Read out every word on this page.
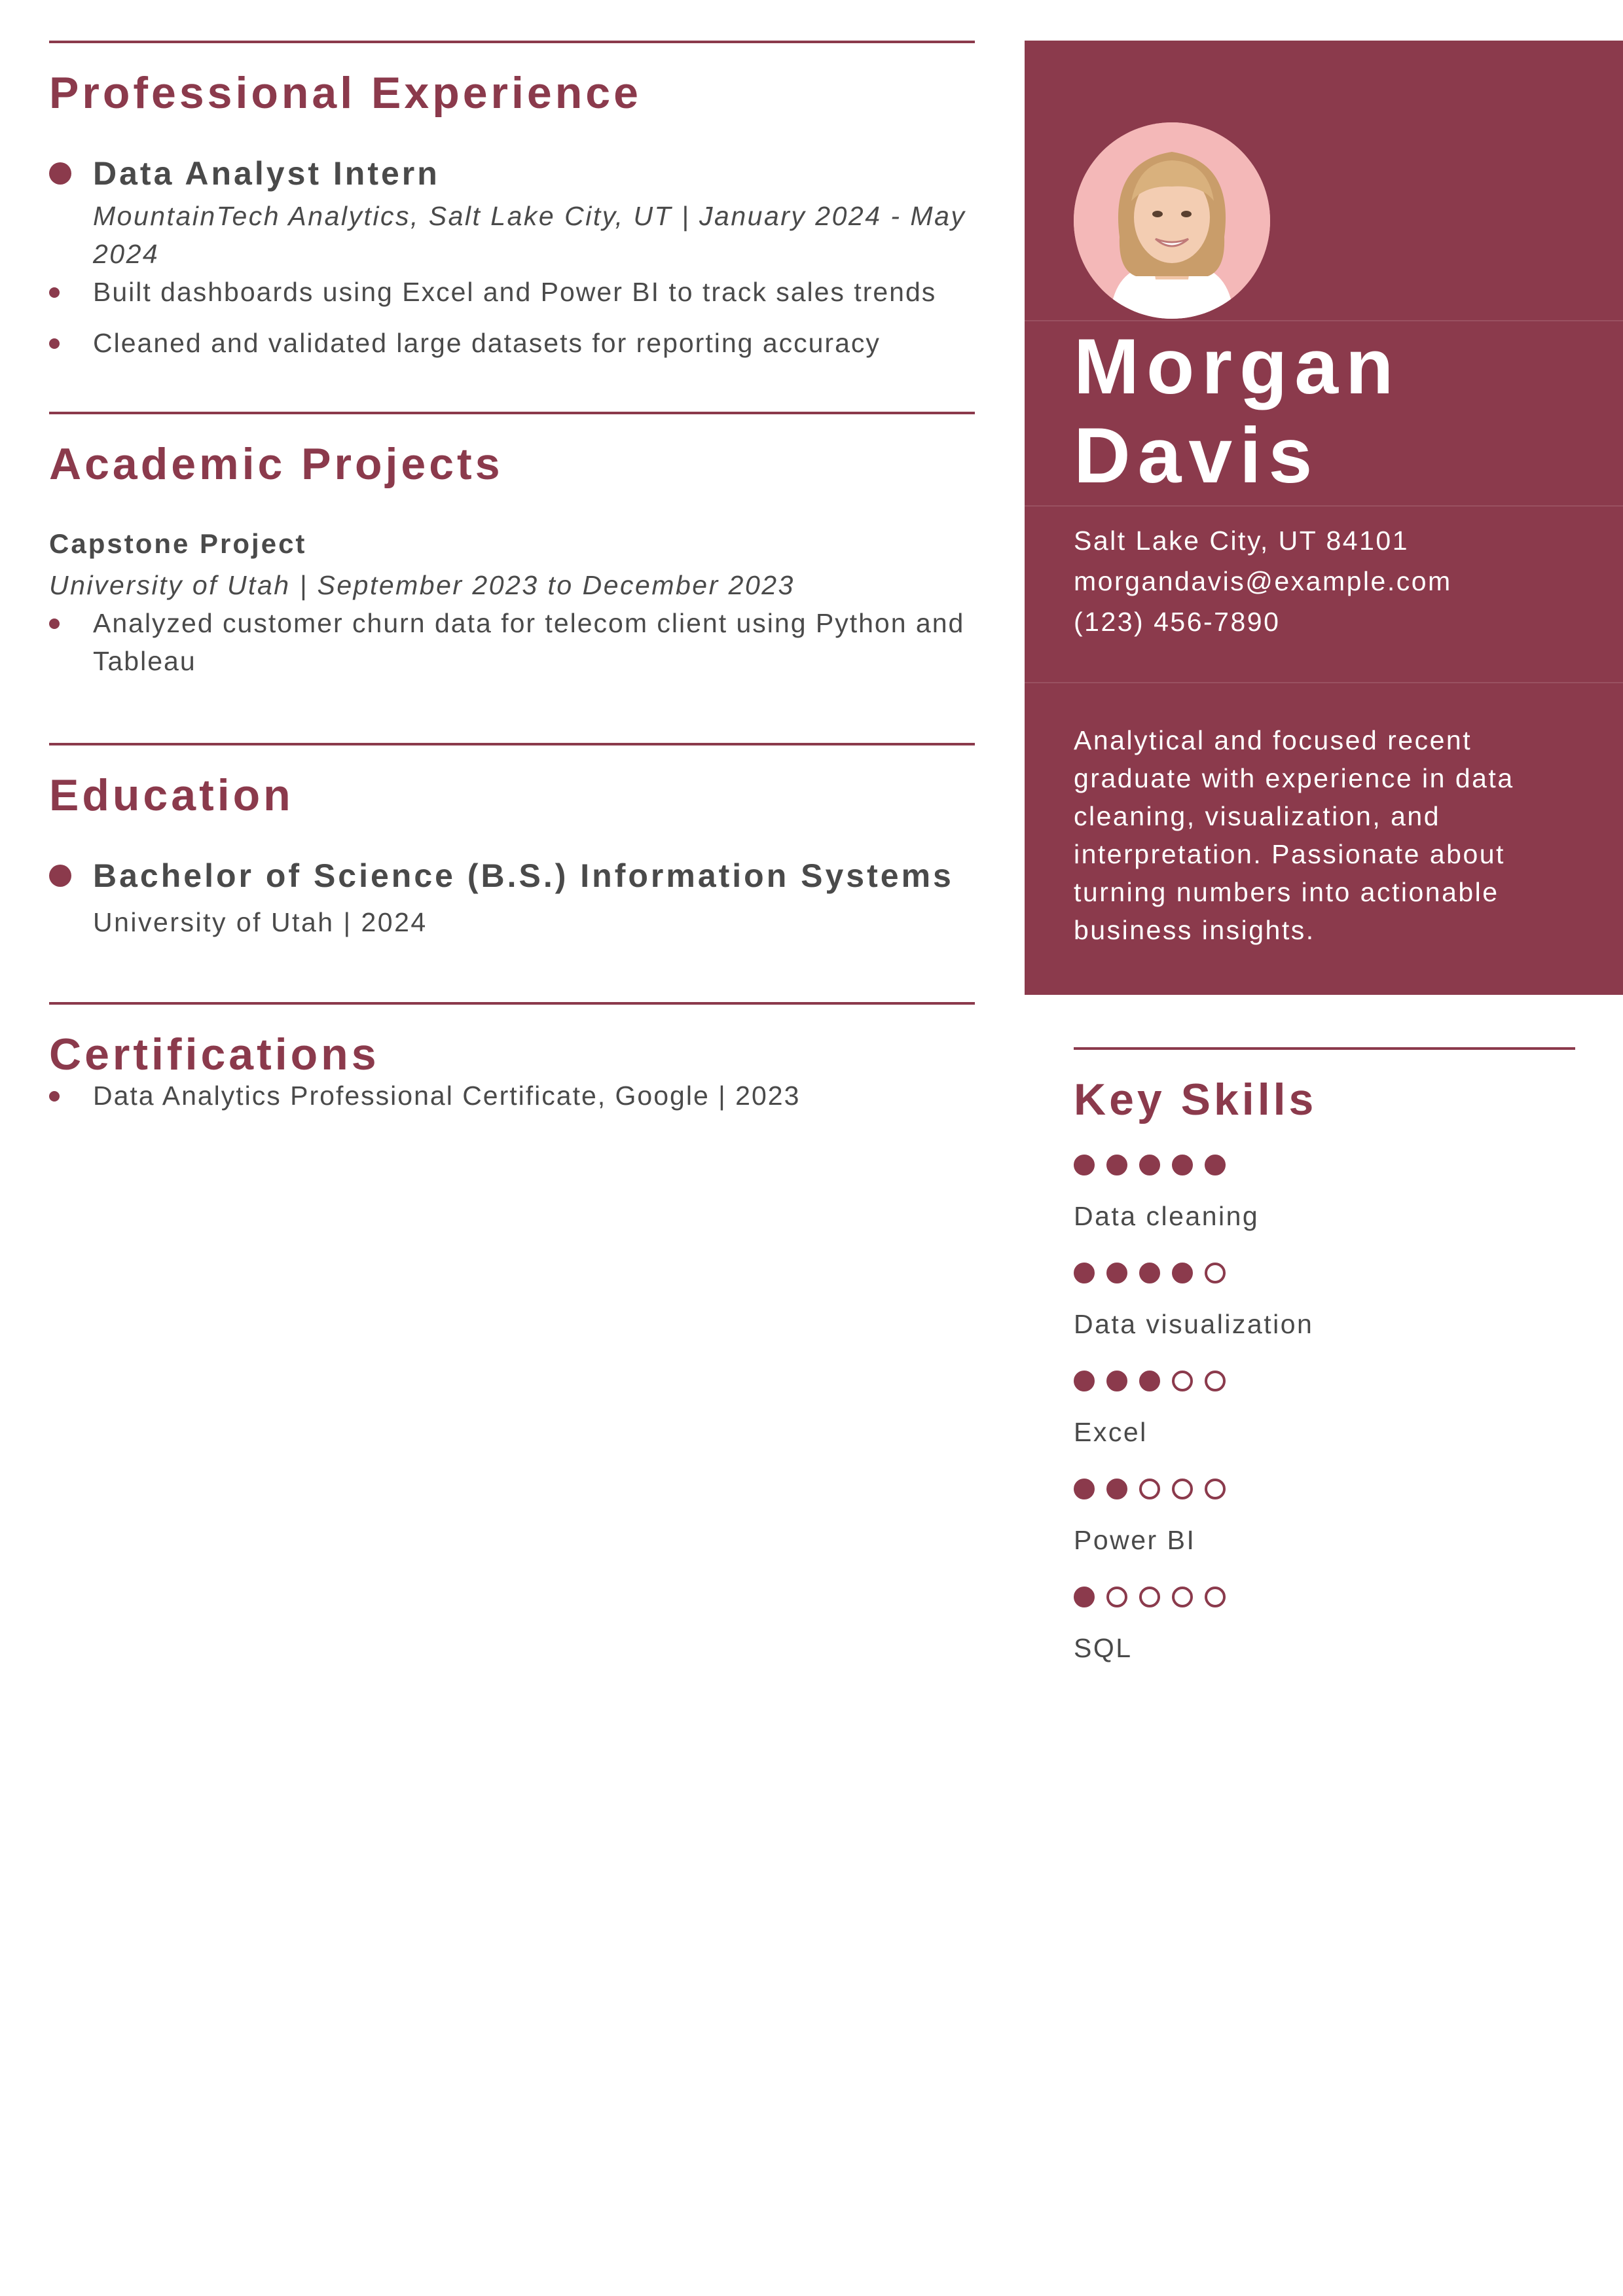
Professional Experience
Data Analyst Intern
MountainTech Analytics, Salt Lake City, UT | January 2024 - May 2024
Built dashboards using Excel and Power BI to track sales trends
Cleaned and validated large datasets for reporting accuracy
Academic Projects
Capstone Project
University of Utah | September 2023 to December 2023
Analyzed customer churn data for telecom client using Python and Tableau
Education
Bachelor of Science (B.S.) Information Systems
University of Utah | 2024
Certifications
Data Analytics Professional Certificate, Google | 2023
Morgan
Davis
Salt Lake City, UT 84101
morgandavis@example.com
(123) 456-7890
Analytical and focused recent graduate with experience in data cleaning, visualization, and interpretation. Passionate about turning numbers into actionable business insights.
Key Skills
Data cleaning
Data visualization
Excel
Power BI
SQL
